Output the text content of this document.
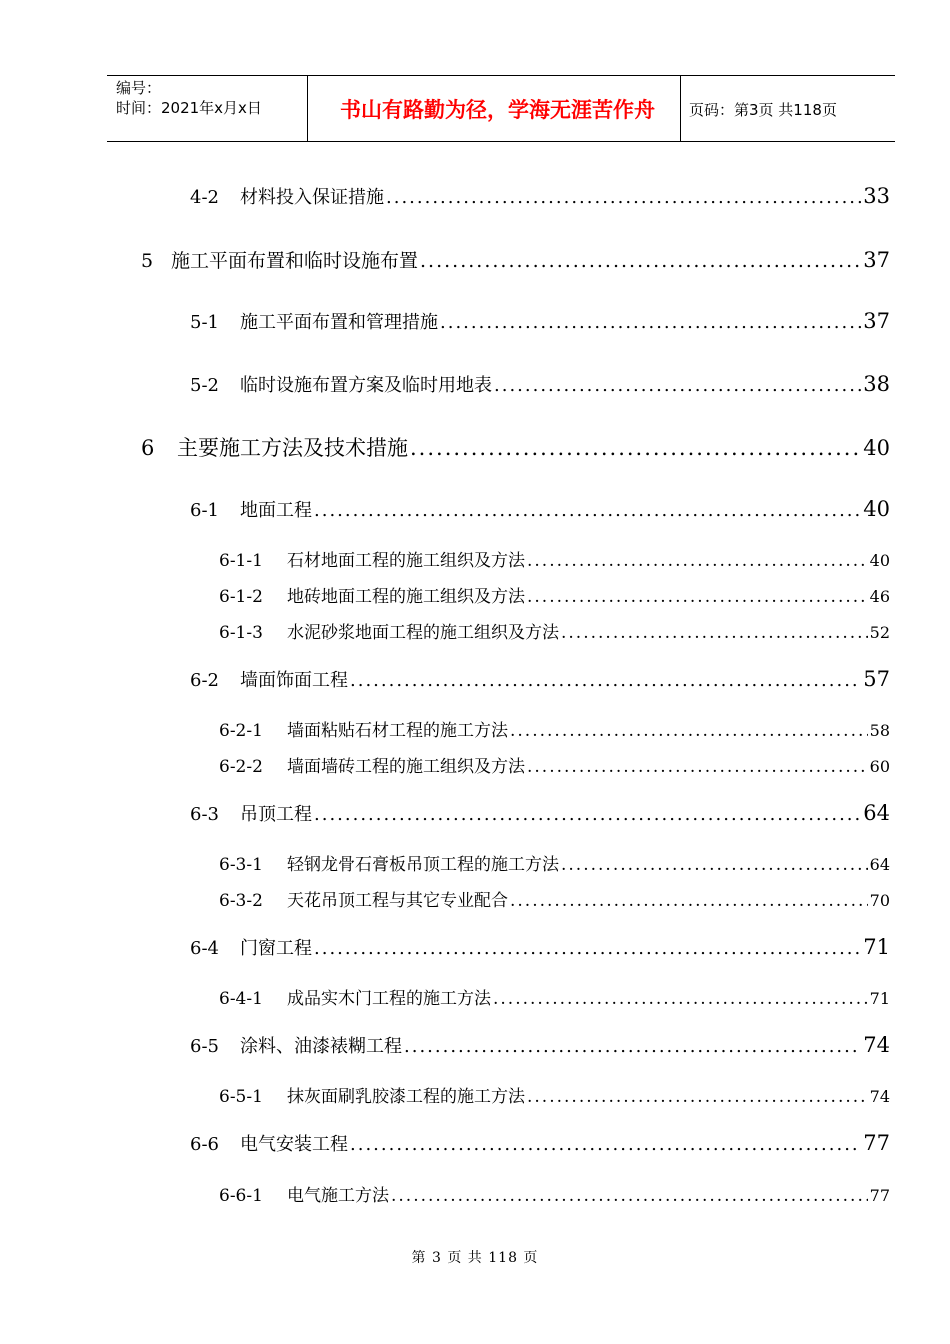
编号：
时间：2021年x月x日	书山有路勤为径，学海无涯苦作舟	页码：第3页 共118页
4-2	材料投入保证措施 .....	33
5 施工平面布置和临时设施布置 .....	37
5-1	施工平面布置和管理措施 .....	37
5-2	临时设施布置方案及临时用地表 .....	38
6	主要施工方法及技术措施 .....	40
6-1	地面工程 .....	40
6-1-1	石材地面工程的施工组织及方法 .....	40
6-1-2	地砖地面工程的施工组织及方法 .....	46
6-1-3	水泥砂浆地面工程的施工组织及方法 .....	52
6-2	墙面饰面工程 .....	57
6-2-1	墙面粘贴石材工程的施工方法 .....	58
6-2-2	墙面墙砖工程的施工组织及方法 .....	60
6-3	吊顶工程 .....	64
6-3-1	轻钢龙骨石膏板吊顶工程的施工方法 .....	64
6-3-2	天花吊顶工程与其它专业配合 .....	70
6-4	门窗工程 .....	71
6-4-1	成品实木门工程的施工方法 .....	71
6-5	涂料、油漆裱糊工程 .....	74
6-5-1	抹灰面刷乳胶漆工程的施工方法 .....	74
6-6	电气安装工程 .....	77
6-6-1	电气施工方法 .....	77
第 3 页 共 118 页
